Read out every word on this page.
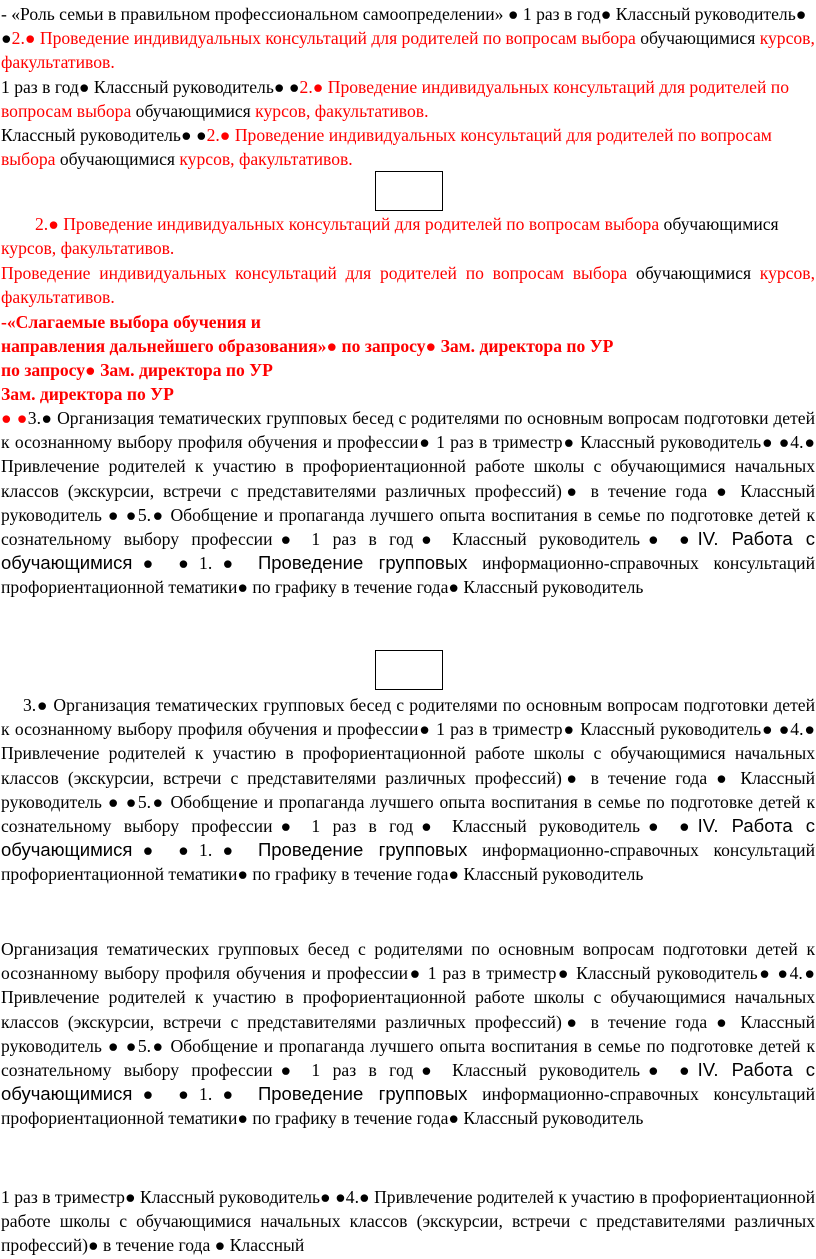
- «Роль семьи в правильном профессиональном самоопределении» ● 1 раз в год● Классный руководитель● ●2.● Проведение индивидуальных консультаций для родителей по вопросам выбора обучающимися курсов, факультативов.

1 раз в год● Классный руководитель● ●2.● Проведение индивидуальных консультаций для родителей по вопросам выбора обучающимися курсов, факультативов.

Классный руководитель● ●2.● Проведение индивидуальных консультаций для родителей по вопросам выбора обучающимися курсов, факультативов.

2.● Проведение индивидуальных консультаций для родителей по вопросам выбора обучающимися курсов, факультативов.

Проведение индивидуальных консультаций для родителей по вопросам выбора обучающимися курсов, факультативов.

-«Слагаемые выбора обучения и
направления дальнейшего образования»● по запросу● Зам. директора по УР

по запросу● Зам. директора по УР

Зам. директора по УР

● ●3.● Организация тематических групповых бесед с родителями по основным вопросам подготовки детей к осознанному выбору профиля обучения и профессии● 1 раз в триместр● Классный руководитель● ●4.● Привлечение родителей к участию в профориентационной работе школы с обучающимися начальных классов (экскурсии, встречи с представителями различных профессий)● в течение года ● Классный руководитель ● ●5.● Обобщение и пропаганда лучшего опыта воспитания в семье по подготовке детей к сознательному выбору профессии● 1 раз в год● Классный руководитель● ●IV. Работа с обучающимися● ●1.● Проведение групповых информационно-справочных консультаций профориентационной тематики● по графику в течение года● Классный руководитель

3.● Организация тематических групповых бесед с родителями по основным вопросам подготовки детей к осознанному выбору профиля обучения и профессии● 1 раз в триместр● Классный руководитель● ●4.● Привлечение родителей к участию в профориентационной работе школы с обучающимися начальных классов (экскурсии, встречи с представителями различных профессий)● в течение года ● Классный руководитель ● ●5.● Обобщение и пропаганда лучшего опыта воспитания в семье по подготовке детей к сознательному выбору профессии● 1 раз в год● Классный руководитель● ●IV. Работа с обучающимися● ●1.● Проведение групповых информационно-справочных консультаций профориентационной тематики● по графику в течение года● Классный руководитель

Организация тематических групповых бесед с родителями по основным вопросам подготовки детей к осознанному выбору профиля обучения и профессии● 1 раз в триместр● Классный руководитель● ●4.● Привлечение родителей к участию в профориентационной работе школы с обучающимися начальных классов (экскурсии, встречи с представителями различных профессий)● в течение года ● Классный руководитель ● ●5.● Обобщение и пропаганда лучшего опыта воспитания в семье по подготовке детей к сознательному выбору профессии● 1 раз в год● Классный руководитель● ●IV. Работа с обучающимися● ●1.● Проведение групповых информационно-справочных консультаций профориентационной тематики● по графику в течение года● Классный руководитель

1 раз в триместр● Классный руководитель● ●4.● Привлечение родителей к участию в профориентационной работе школы с обучающимися начальных классов (экскурсии, встречи с представителями различных профессий)● в течение года ● Классный
